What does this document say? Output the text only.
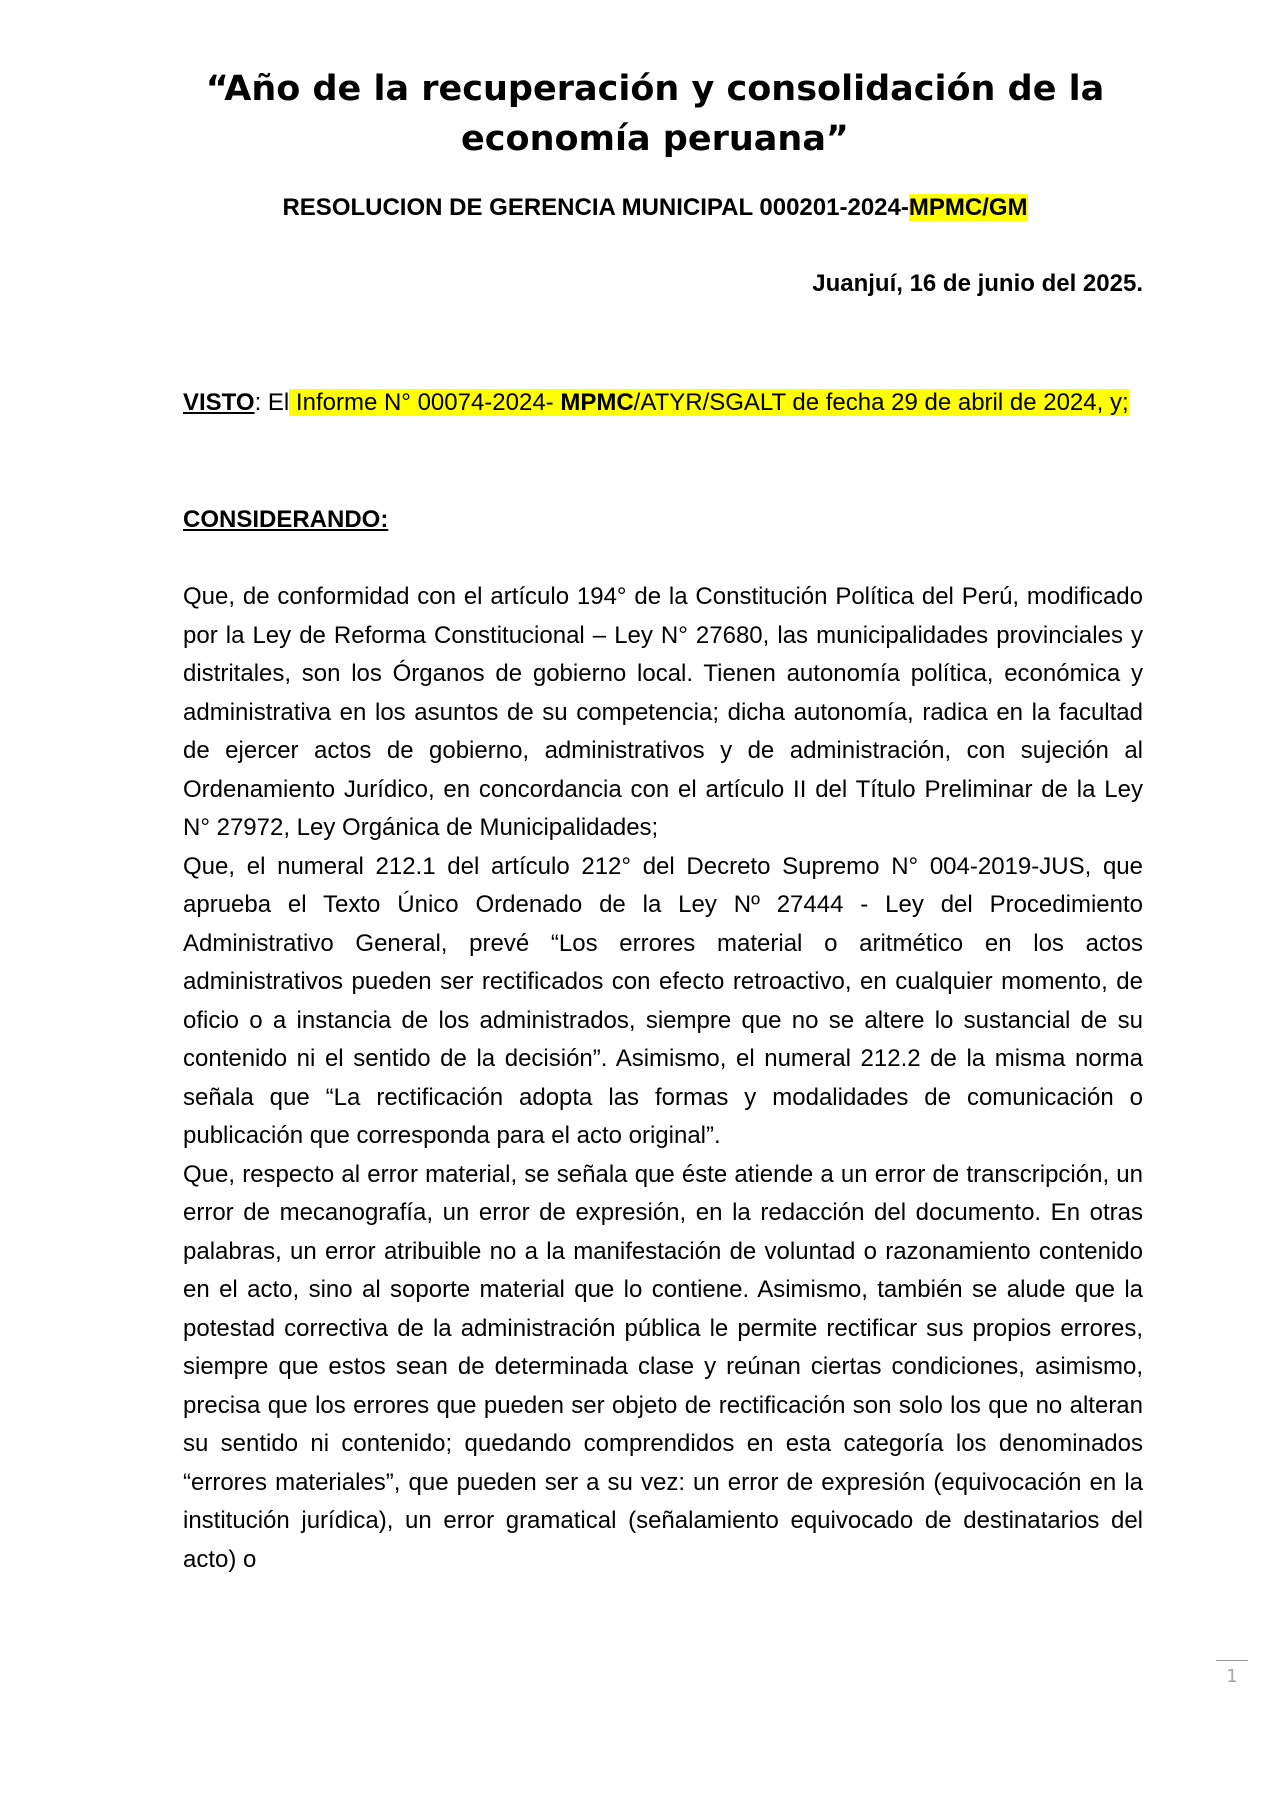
“Año de la recuperación y consolidación de la economía peruana”
RESOLUCION DE GERENCIA MUNICIPAL 000201-2024-MPMC/GM
Juanjuí, 16 de junio del 2025.

VISTO: El Informe N° 00074-2024- MPMC/ATYR/SGALT de fecha 29 de abril de 2024, y;

CONSIDERANDO:

Que, de conformidad con el artículo 194° de la Constitución Política del Perú, modificado por la Ley de Reforma Constitucional – Ley N° 27680, las municipalidades provinciales y distritales, son los Órganos de gobierno local. Tienen autonomía política, económica y administrativa en los asuntos de su competencia; dicha autonomía, radica en la facultad de ejercer actos de gobierno, administrativos y de administración, con sujeción al Ordenamiento Jurídico, en concordancia con el artículo II del Título Preliminar de la Ley N° 27972, Ley Orgánica de Municipalidades;

Que, el numeral 212.1 del artículo 212° del Decreto Supremo N° 004-2019-JUS, que aprueba el Texto Único Ordenado de la Ley Nº 27444 - Ley del Procedimiento Administrativo General, prevé “Los errores material o aritmético en los actos administrativos pueden ser rectificados con efecto retroactivo, en cualquier momento, de oficio o a instancia de los administrados, siempre que no se altere lo sustancial de su contenido ni el sentido de la decisión”. Asimismo, el numeral 212.2 de la misma norma señala que “La rectificación adopta las formas y modalidades de comunicación o publicación que corresponda para el acto original”.

Que, respecto al error material, se señala que éste atiende a un error de transcripción, un error de mecanografía, un error de expresión, en la redacción del documento. En otras palabras, un error atribuible no a la manifestación de voluntad o razonamiento contenido en el acto, sino al soporte material que lo contiene. Asimismo, también se alude que la potestad correctiva de la administración pública le permite rectificar sus propios errores, siempre que estos sean de determinada clase y reúnan ciertas condiciones, asimismo, precisa que los errores que pueden ser objeto de rectificación son solo los que no alteran su sentido ni contenido; quedando comprendidos en esta categoría los denominados “errores materiales”, que pueden ser a su vez: un error de expresión (equivocación en la institución jurídica), un error gramatical (señalamiento equivocado de destinatarios del acto) o

1
